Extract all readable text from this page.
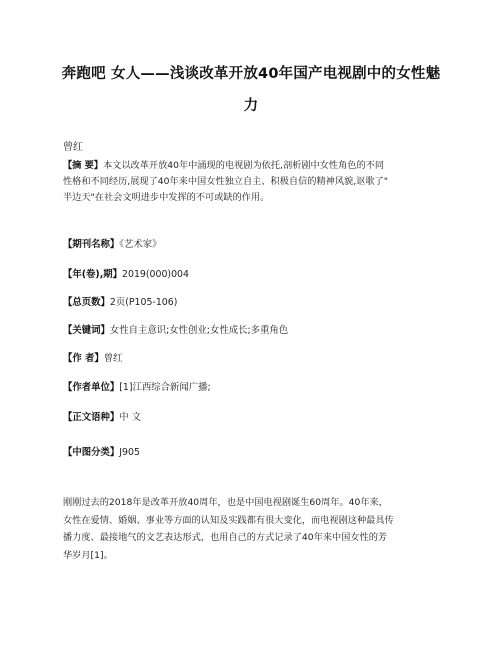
奔跑吧 女人——浅谈改革开放40年国产电视剧中的女性魅
力
曾红
【摘 要】本文以改革开放40年中涌现的电视剧为依托,剖析剧中女性角色的不同
性格和不同经历,展现了40年来中国女性独立自主、积极自信的精神风貌,讴歌了"
半边天"在社会文明进步中发挥的不可或缺的作用。
【期刊名称】《艺术家》
【年(卷),期】2019(000)004
【总页数】2页(P105-106)
【关键词】女性自主意识;女性创业;女性成长;多重角色
【作 者】曾红
【作者单位】[1]江西综合新闻广播;
【正文语种】中 文
【中图分类】J905
刚刚过去的2018年是改革开放40周年，也是中国电视剧诞生60周年。40年来，
女性在爱情、婚姻、事业等方面的认知及实践都有很大变化，而电视剧这种最具传
播力度、最接地气的文艺表达形式，也用自己的方式记录了40年来中国女性的芳
华岁月[1]。
